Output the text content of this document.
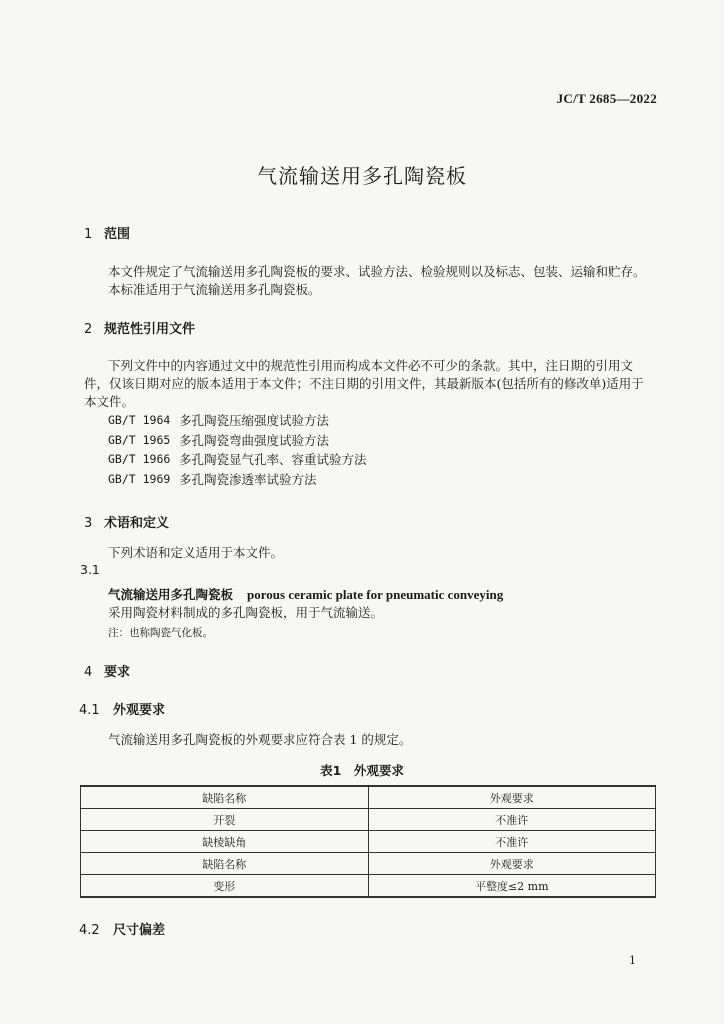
JC/T 2685—2022
气流输送用多孔陶瓷板
1 范围
本文件规定了气流输送用多孔陶瓷板的要求、试验方法、检验规则以及标志、包装、运输和贮存。
本标准适用于气流输送用多孔陶瓷板。
2 规范性引用文件
下列文件中的内容通过文中的规范性引用而构成本文件必不可少的条款。其中，注日期的引用文
件，仅该日期对应的版本适用于本文件；不注日期的引用文件，其最新版本(包括所有的修改单)适用于
本文件。
GB/T 1964 多孔陶瓷压缩强度试验方法
GB/T 1965 多孔陶瓷弯曲强度试验方法
GB/T 1966 多孔陶瓷显气孔率、容重试验方法
GB/T 1969 多孔陶瓷渗透率试验方法
3 术语和定义
下列术语和定义适用于本文件。
3.1
气流输送用多孔陶瓷板 porous ceramic plate for pneumatic conveying
采用陶瓷材料制成的多孔陶瓷板，用于气流输送。
注：也称陶瓷气化板。
4 要求
4.1 外观要求
气流输送用多孔陶瓷板的外观要求应符合表 1 的规定。
表1　外观要求
缺陷名称	外观要求
开裂	不准许
缺棱缺角	不准许
缺陷名称	外观要求
变形	平整度≤2 mm
4.2 尺寸偏差
1
